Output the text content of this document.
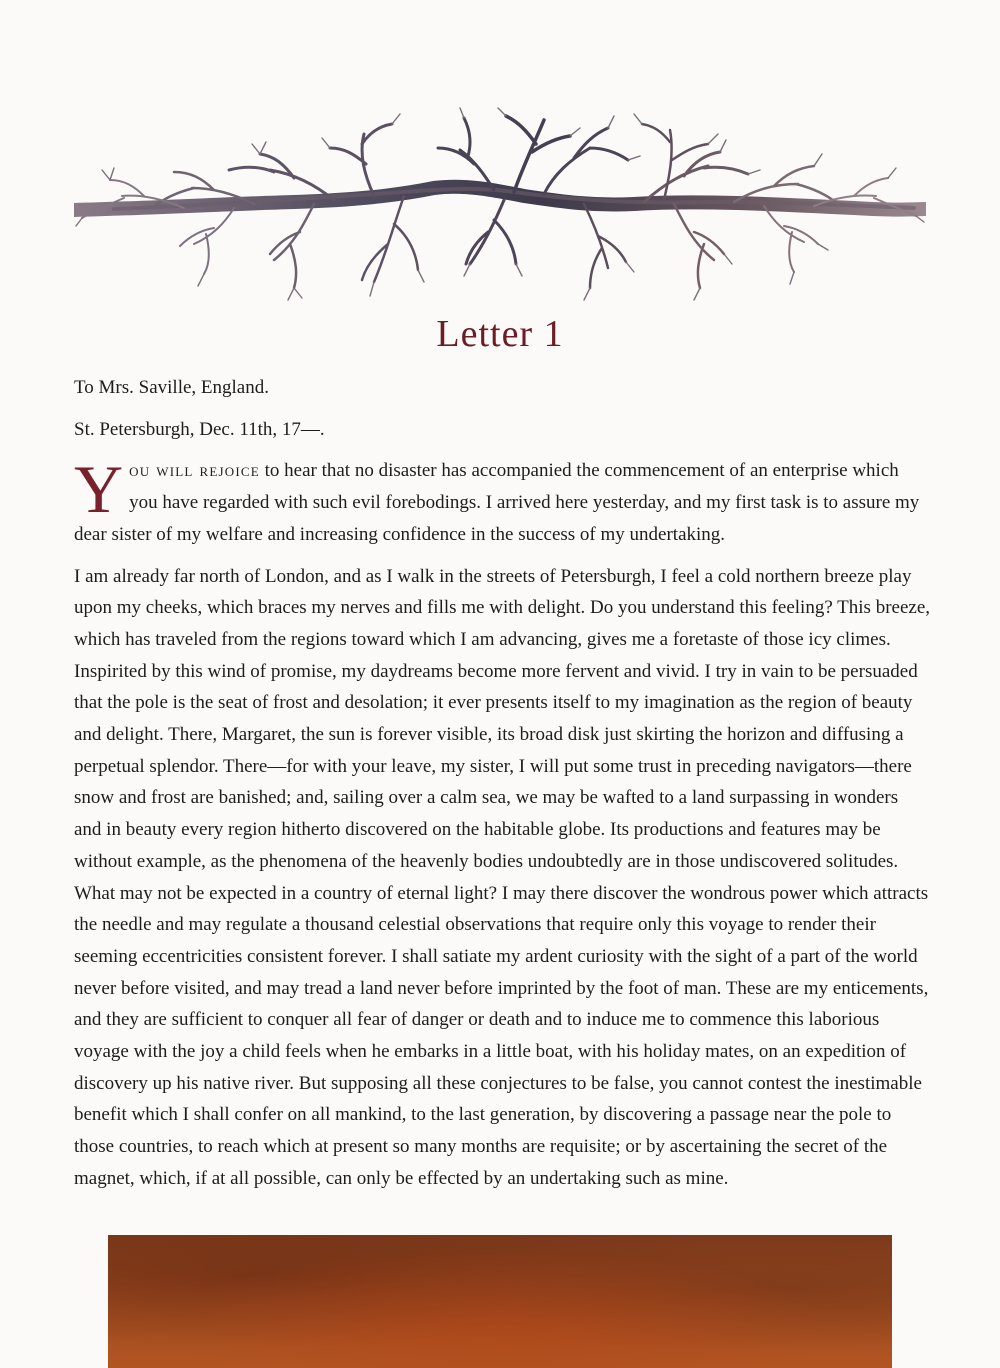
Letter 1

To Mrs. Saville, England.

St. Petersburgh, Dec. 11th, 17—.

You will rejoice to hear that no disaster has accompanied the commencement of an enterprise which you have regarded with such evil forebodings. I arrived here yesterday, and my first task is to assure my dear sister of my welfare and increasing confidence in the success of my undertaking.

I am already far north of London, and as I walk in the streets of Petersburgh, I feel a cold northern breeze play upon my cheeks, which braces my nerves and fills me with delight. Do you understand this feeling? This breeze, which has traveled from the regions toward which I am advancing, gives me a foretaste of those icy climes. Inspirited by this wind of promise, my daydreams become more fervent and vivid. I try in vain to be persuaded that the pole is the seat of frost and desolation; it ever presents itself to my imagination as the region of beauty and delight. There, Margaret, the sun is forever visible, its broad disk just skirting the horizon and diffusing a perpetual splendor. There—for with your leave, my sister, I will put some trust in preceding navigators—there snow and frost are banished; and, sailing over a calm sea, we may be wafted to a land surpassing in wonders and in beauty every region hitherto discovered on the habitable globe. Its productions and features may be without example, as the phenomena of the heavenly bodies undoubtedly are in those undiscovered solitudes. What may not be expected in a country of eternal light? I may there discover the wondrous power which attracts the needle and may regulate a thousand celestial observations that require only this voyage to render their seeming eccentricities consistent forever. I shall satiate my ardent curiosity with the sight of a part of the world never before visited, and may tread a land never before imprinted by the foot of man. These are my enticements, and they are sufficient to conquer all fear of danger or death and to induce me to commence this laborious voyage with the joy a child feels when he embarks in a little boat, with his holiday mates, on an expedition of discovery up his native river. But supposing all these conjectures to be false, you cannot contest the inestimable benefit which I shall confer on all mankind, to the last generation, by discovering a passage near the pole to those countries, to reach which at present so many months are requisite; or by ascertaining the secret of the magnet, which, if at all possible, can only be effected by an undertaking such as mine.
